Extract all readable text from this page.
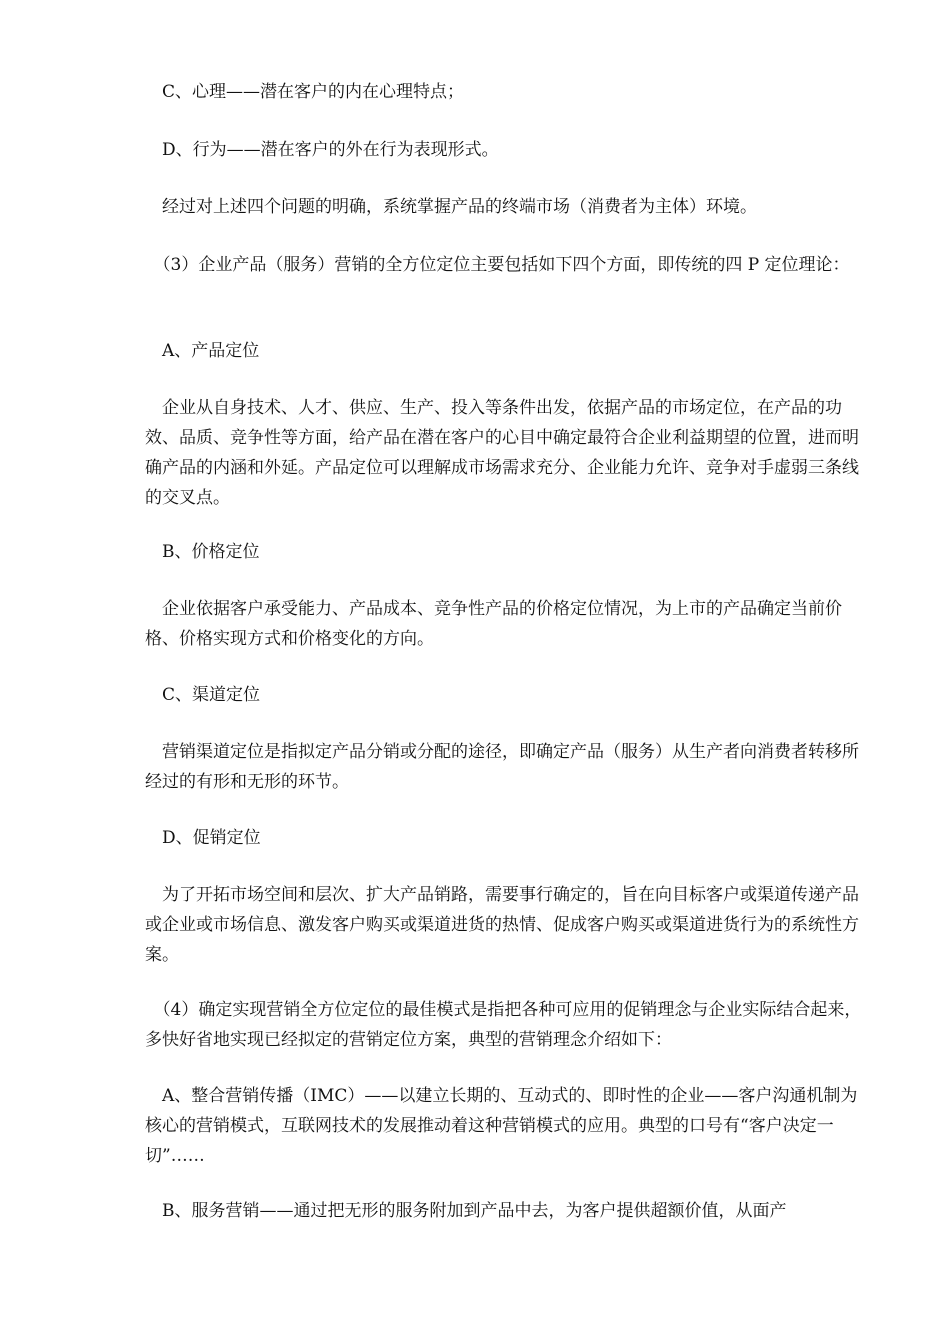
　C、心理——潜在客户的内在心理特点；

　D、行为——潜在客户的外在行为表现形式。

　经过对上述四个问题的明确，系统掌握产品的终端市场（消费者为主体）环境。

　（3）企业产品（服务）营销的全方位定位主要包括如下四个方面，即传统的四 P 定位理论：

　A、产品定位

　企业从自身技术、人才、供应、生产、投入等条件出发，依据产品的市场定位，在产品的功效、品质、竞争性等方面，给产品在潜在客户的心目中确定最符合企业利益期望的位置，进而明确产品的内涵和外延。产品定位可以理解成市场需求充分、企业能力允许、竞争对手虚弱三条线的交叉点。

　B、价格定位

　企业依据客户承受能力、产品成本、竞争性产品的价格定位情况，为上市的产品确定当前价格、价格实现方式和价格变化的方向。

　C、渠道定位

　营销渠道定位是指拟定产品分销或分配的途径，即确定产品（服务）从生产者向消费者转移所经过的有形和无形的环节。

　D、促销定位

　为了开拓市场空间和层次、扩大产品销路，需要事行确定的，旨在向目标客户或渠道传递产品或企业或市场信息、激发客户购买或渠道进货的热情、促成客户购买或渠道进货行为的系统性方案。

　（4）确定实现营销全方位定位的最佳模式是指把各种可应用的促销理念与企业实际结合起来，多快好省地实现已经拟定的营销定位方案，典型的营销理念介绍如下：

　A、整合营销传播（IMC）——以建立长期的、互动式的、即时性的企业——客户沟通机制为核心的营销模式，互联网技术的发展推动着这种营销模式的应用。典型的口号有“客户决定一切”……

　B、服务营销——通过把无形的服务附加到产品中去，为客户提供超额价值，从面产
